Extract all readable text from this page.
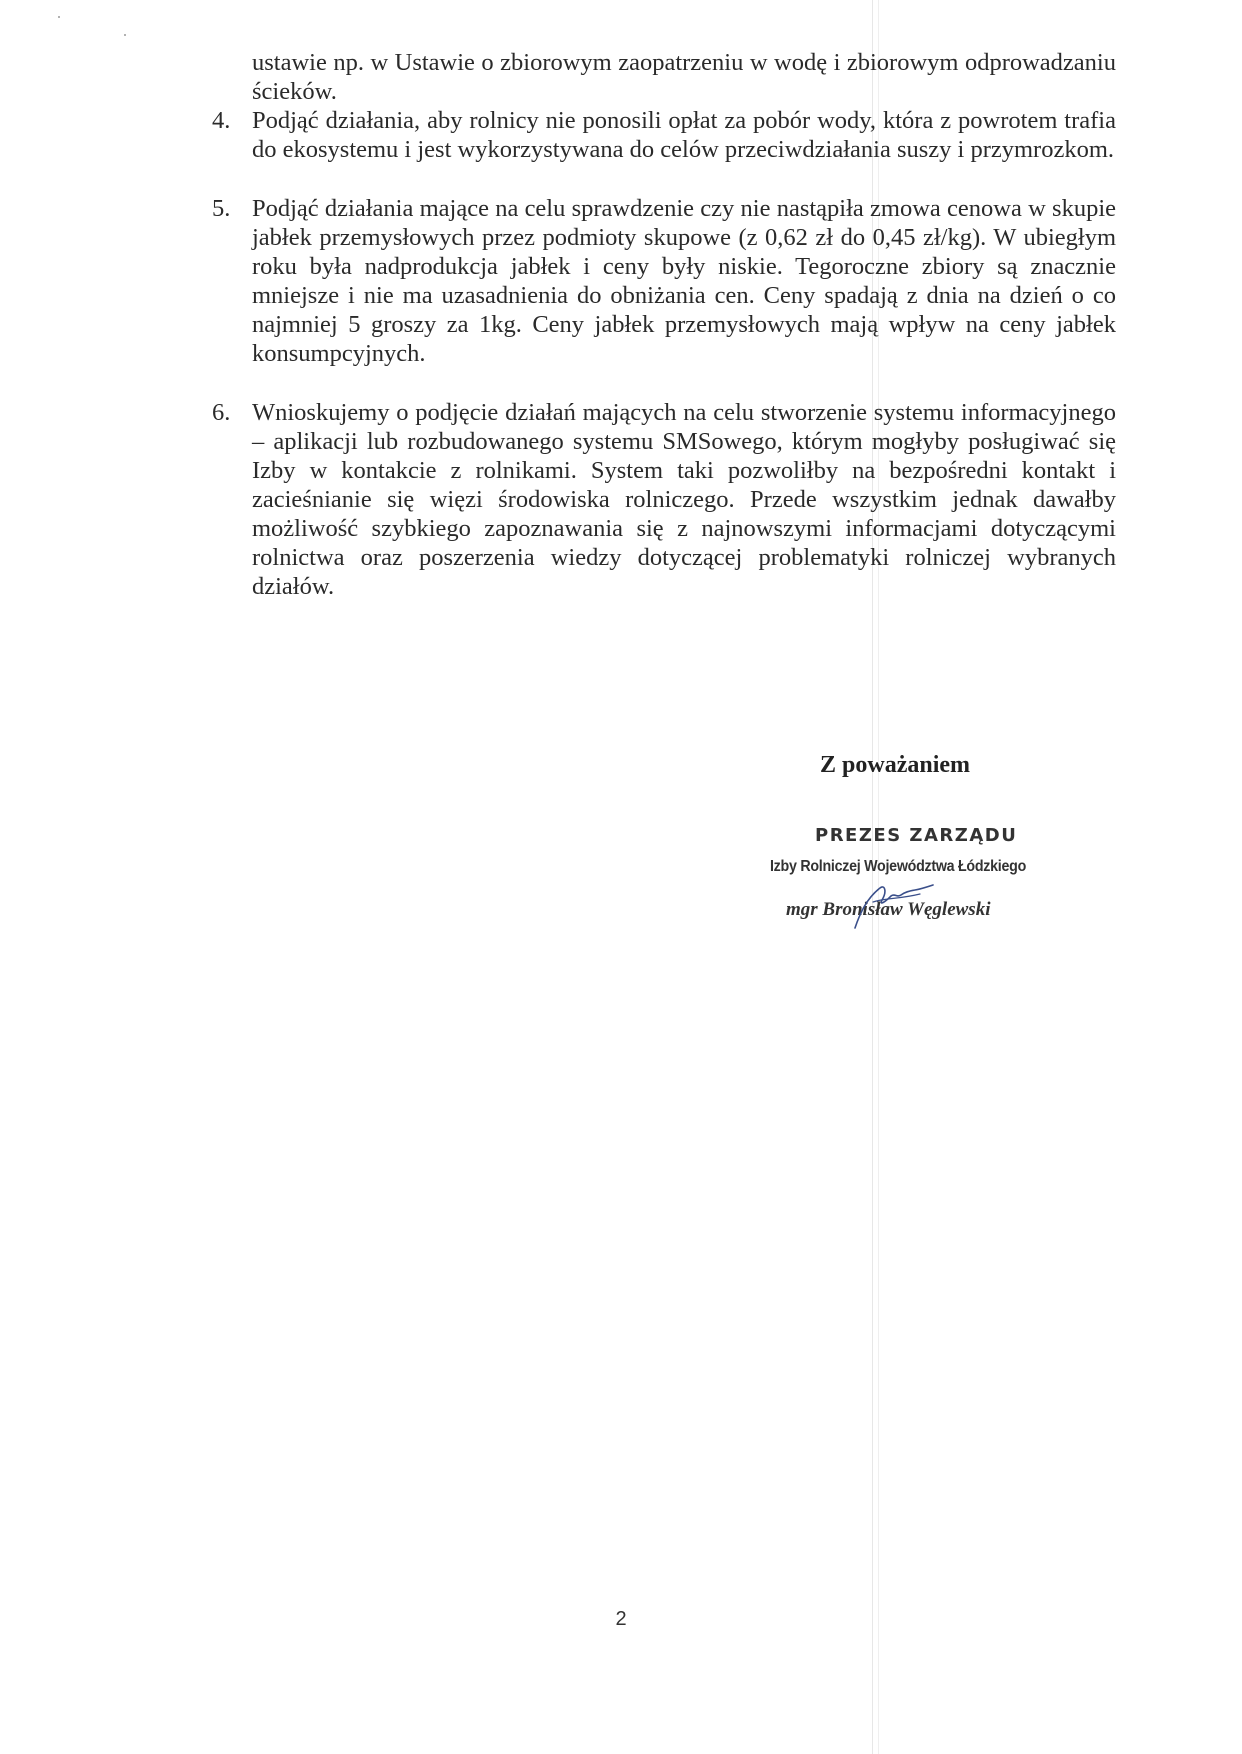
ustawie np. w Ustawie o zbiorowym zaopatrzeniu w wodę i zbiorowym odprowadzaniu ścieków.

4. Podjąć działania, aby rolnicy nie ponosili opłat za pobór wody, która z powrotem trafia do ekosystemu i jest wykorzystywana do celów przeciwdziałania suszy i przymrozkom.
5. Podjąć działania mające na celu sprawdzenie czy nie nastąpiła zmowa cenowa w skupie jabłek przemysłowych przez podmioty skupowe (z 0,62 zł do 0,45 zł/kg). W ubiegłym roku była nadprodukcja jabłek i ceny były niskie. Tegoroczne zbiory są znacznie mniejsze i nie ma uzasadnienia do obniżania cen. Ceny spadają z dnia na dzień o co najmniej 5 groszy za 1kg. Ceny jabłek przemysłowych mają wpływ na ceny jabłek konsumpcyjnych.
6. Wnioskujemy o podjęcie działań mających na celu stworzenie systemu informacyjnego – aplikacji lub rozbudowanego systemu SMSowego, którym mogłyby posługiwać się Izby w kontakcie z rolnikami. System taki pozwoliłby na bezpośredni kontakt i zacieśnianie się więzi środowiska rolniczego. Przede wszystkim jednak dawałby możliwość szybkiego zapoznawania się z najnowszymi informacjami dotyczącymi rolnictwa oraz poszerzenia wiedzy dotyczącej problematyki rolniczej wybranych działów.
Z poważaniem
PREZES ZARZĄDU
Izby Rolniczej Województwa Łódzkiego
mgr Bronisław Węglewski
2
